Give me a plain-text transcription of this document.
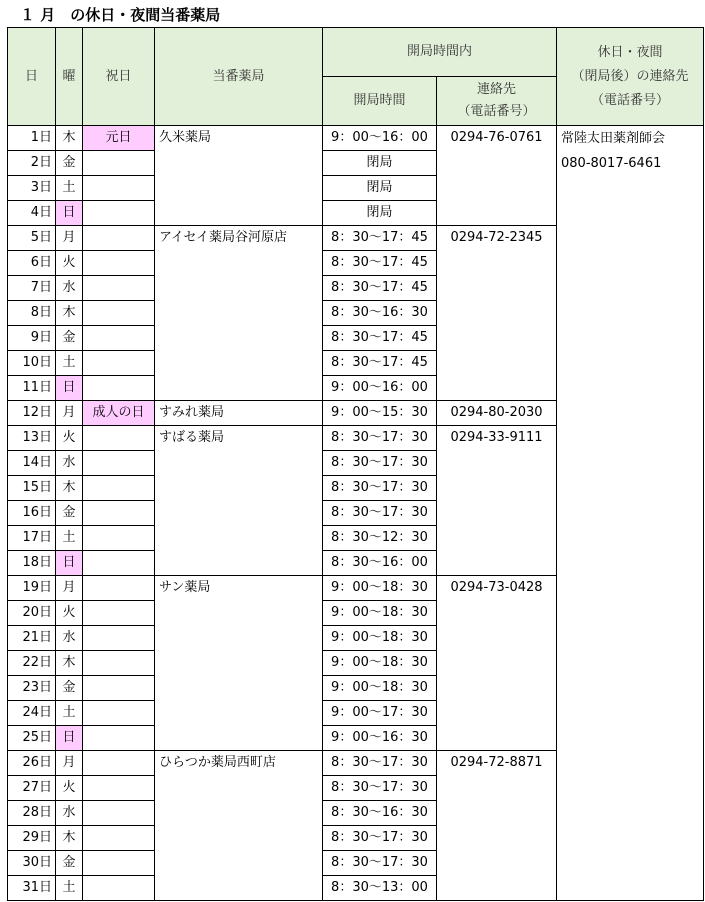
１ 月　の休日・夜間当番薬局
日	曜	祝日	当番薬局	開局時間内		休日・夜間
（閉局後）の連絡先
（電話番号）

				開局時間	連絡先
（電話番号）	

1日	木	元日	久米薬局	9：00～16：00	0294-76-0761	常陸太田薬剤師会
080-8017-6461

2日	金			閉局		
3日	土			閉局		
4日	日			閉局		
5日	月		アイセイ薬局谷河原店	8：30～17：45	0294-72-2345	
6日	火			8：30～17：45		
7日	水			8：30～17：45		
8日	木			8：30～16：30		
9日	金			8：30～17：45		
10日	土			8：30～17：45		
11日	日			9：00～16：00		
12日	月	成人の日	すみれ薬局	9：00～15：30	0294-80-2030	
13日	火		すばる薬局	8：30～17：30	0294-33-9111	
14日	水			8：30～17：30		
15日	木			8：30～17：30		
16日	金			8：30～17：30		
17日	土			8：30～12：30		
18日	日			8：30～16：00		
19日	月		サン薬局	9：00～18：30	0294-73-0428	
20日	火			9：00～18：30		
21日	水			9：00～18：30		
22日	木			9：00～18：30		
23日	金			9：00～18：30		
24日	土			9：00～17：30		
25日	日			9：00～16：30		
26日	月		ひらつか薬局西町店	8：30～17：30	0294-72-8871	
27日	火			8：30～17：30		
28日	水			8：30～16：30		
29日	木			8：30～17：30		
30日	金			8：30～17：30		
31日	土			8：30～13：00		
